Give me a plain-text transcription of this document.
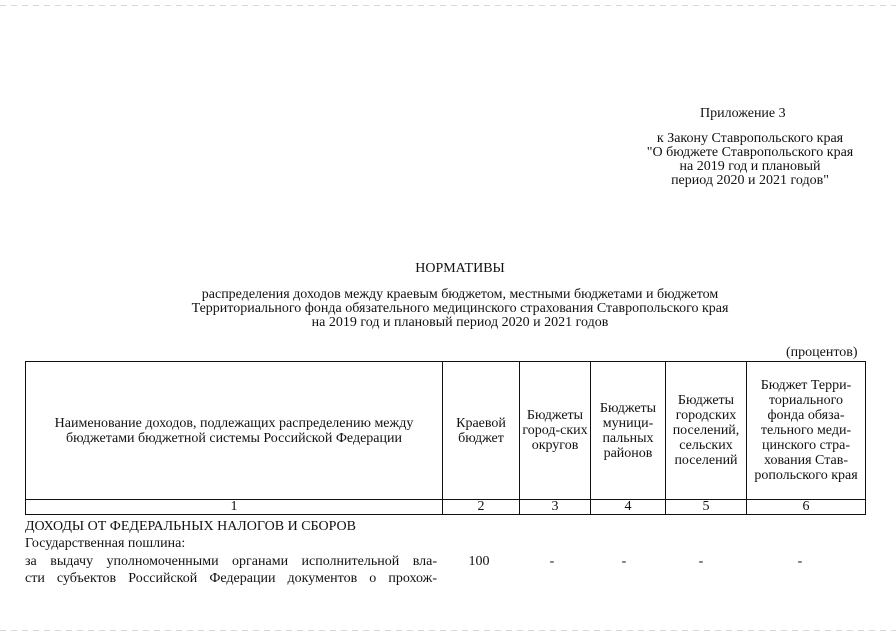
Приложение 3
к Закону Ставропольского края
"О бюджете Ставропольского края
на 2019 год и плановый
период 2020 и 2021 годов"
НОРМАТИВЫ
распределения доходов между краевым бюджетом, местными бюджетами и бюджетом
Территориального фонда обязательного медицинского страхования Ставропольского края
на 2019 год и плановый период 2020 и 2021 годов
(процентов)
Наименование доходов, подлежащих распределению между бюджетами бюджетной системы Российской Федерации	Краевой бюджет	Бюджеты город-ских округов	Бюджеты муници-пальных районов	Бюджеты городских поселений, сельских поселений	Бюджет Терри-ториального фонда обяза-тельного меди-цинского стра-хования Став-ропольского края
1	2	3	4	5	6
ДОХОДЫ ОТ ФЕДЕРАЛЬНЫХ НАЛОГОВ И СБОРОВ
Государственная пошлина:
за выдачу уполномоченными органами исполнительной вла-
сти субъектов Российской Федерации документов о прохож-
100	-	-	-	-
